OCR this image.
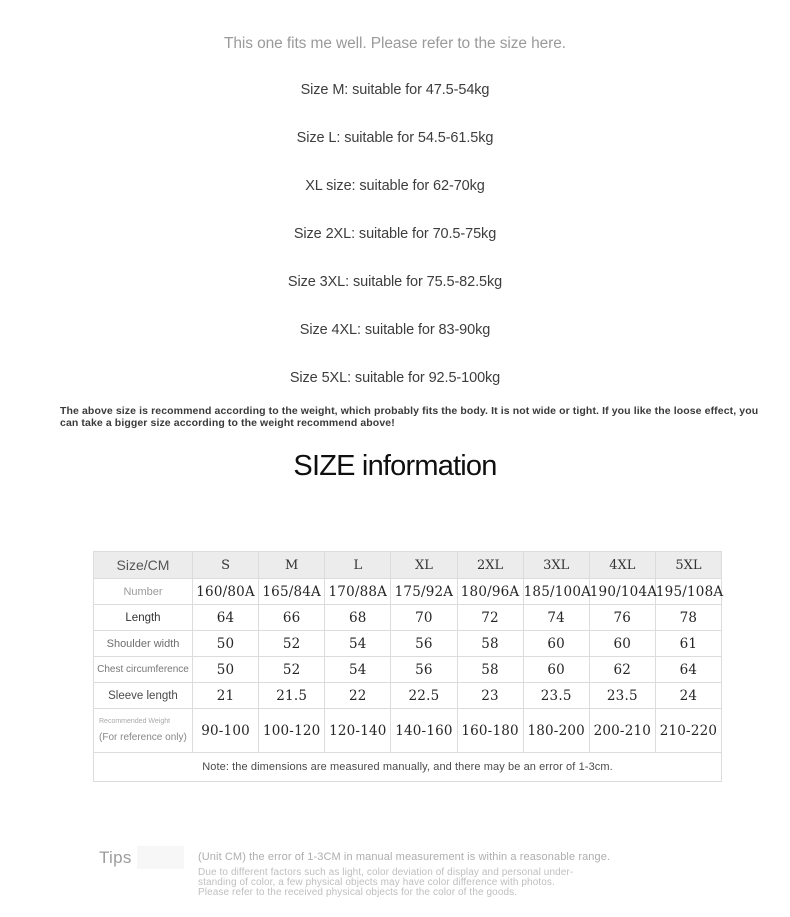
This one fits me well. Please refer to the size here.
Size M: suitable for 47.5-54kg
Size L: suitable for 54.5-61.5kg
XL size: suitable for 62-70kg
Size 2XL: suitable for 70.5-75kg
Size 3XL: suitable for 75.5-82.5kg
Size 4XL: suitable for 83-90kg
Size 5XL: suitable for 92.5-100kg
The above size is recommend according to the weight, which probably fits the body. It is not wide or tight. If you like the loose effect, you can take a bigger size according to the weight recommend above!
SIZE information
Size/CM	S	M	L	XL	2XL	3XL	4XL	5XL
Number	160/80A	165/84A	170/88A	175/92A	180/96A	185/100A	190/104A	195/108A
Length	64	66	68	70	72	74	76	78
Shoulder width	50	52	54	56	58	60	60	61
Chest circumference	50	52	54	56	58	60	62	64
Sleeve length	21	21.5	22	22.5	23	23.5	23.5	24

Recommended Weight
(For reference only)	90-100	100-120	120-140	140-160	160-180	180-200	200-210	210-220
Note: the dimensions are measured manually, and there may be an error of 1-3cm.								
Tips	(Unit CM) the error of 1-3CM in manual measurement is within a reasonable range.
Due to different factors such as light, color deviation of display and personal under-
standing of color, a few physical objects may have color difference with photos.
Please refer to the received physical objects for the color of the goods.
